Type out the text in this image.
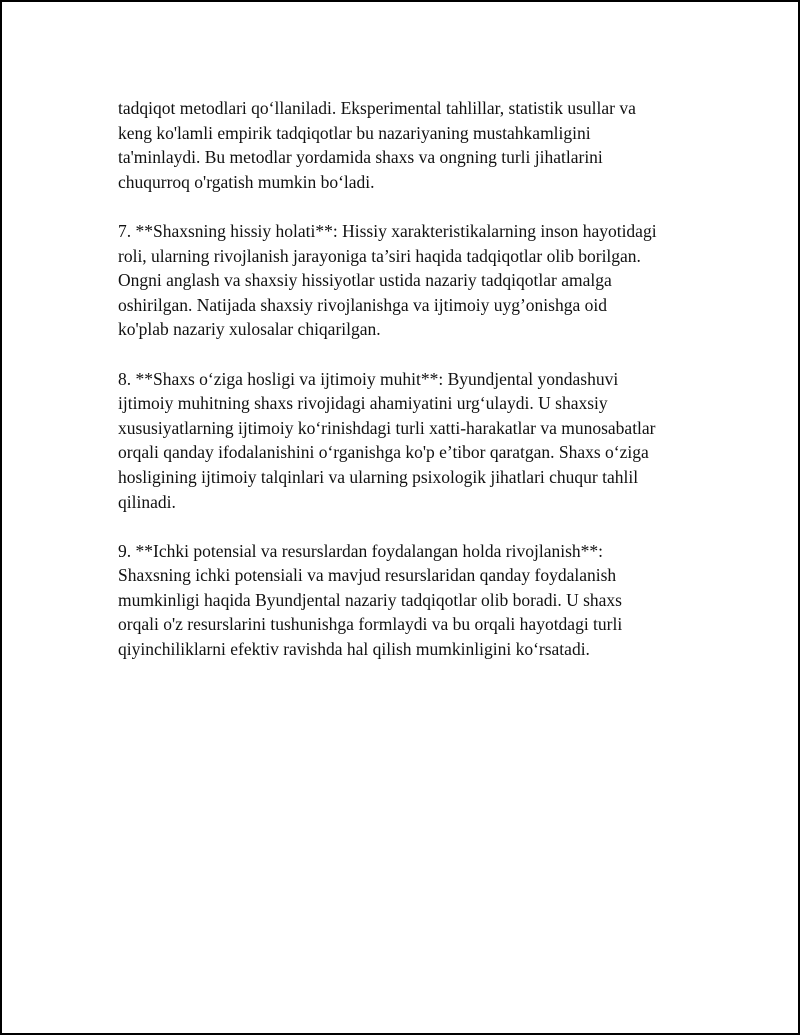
tadqiqot metodlari qo‘llaniladi. Eksperimental tahlillar, statistik usullar va
keng ko'lamli empirik tadqiqotlar bu nazariyaning mustahkamligini
ta'minlaydi. Bu metodlar yordamida shaxs va ongning turli jihatlarini
chuqurroq o'rgatish mumkin bo‘ladi.

7. **Shaxsning hissiy holati**: Hissiy xarakteristikalarning inson hayotidagi
roli, ularning rivojlanish jarayoniga ta’siri haqida tadqiqotlar olib borilgan.
Ongni anglash va shaxsiy hissiyotlar ustida nazariy tadqiqotlar amalga
oshirilgan. Natijada shaxsiy rivojlanishga va ijtimoiy uyg’onishga oid
ko'plab nazariy xulosalar chiqarilgan.

8. **Shaxs o‘ziga hosligi va ijtimoiy muhit**: Byundjental yondashuvi
ijtimoiy muhitning shaxs rivojidagi ahamiyatini urg‘ulaydi. U shaxsiy
xususiyatlarning ijtimoiy ko‘rinishdagi turli xatti-harakatlar va munosabatlar
orqali qanday ifodalanishini o‘rganishga ko'p e’tibor qaratgan. Shaxs o‘ziga
hosligining ijtimoiy talqinlari va ularning psixologik jihatlari chuqur tahlil
qilinadi.

9. **Ichki potensial va resurslardan foydalangan holda rivojlanish**:
Shaxsning ichki potensiali va mavjud resurslaridan qanday foydalanish
mumkinligi haqida Byundjental nazariy tadqiqotlar olib boradi. U shaxs
orqali o'z resurslarini tushunishga formlaydi va bu orqali hayotdagi turli
qiyinchiliklarni efektiv ravishda hal qilish mumkinligini ko‘rsatadi.
